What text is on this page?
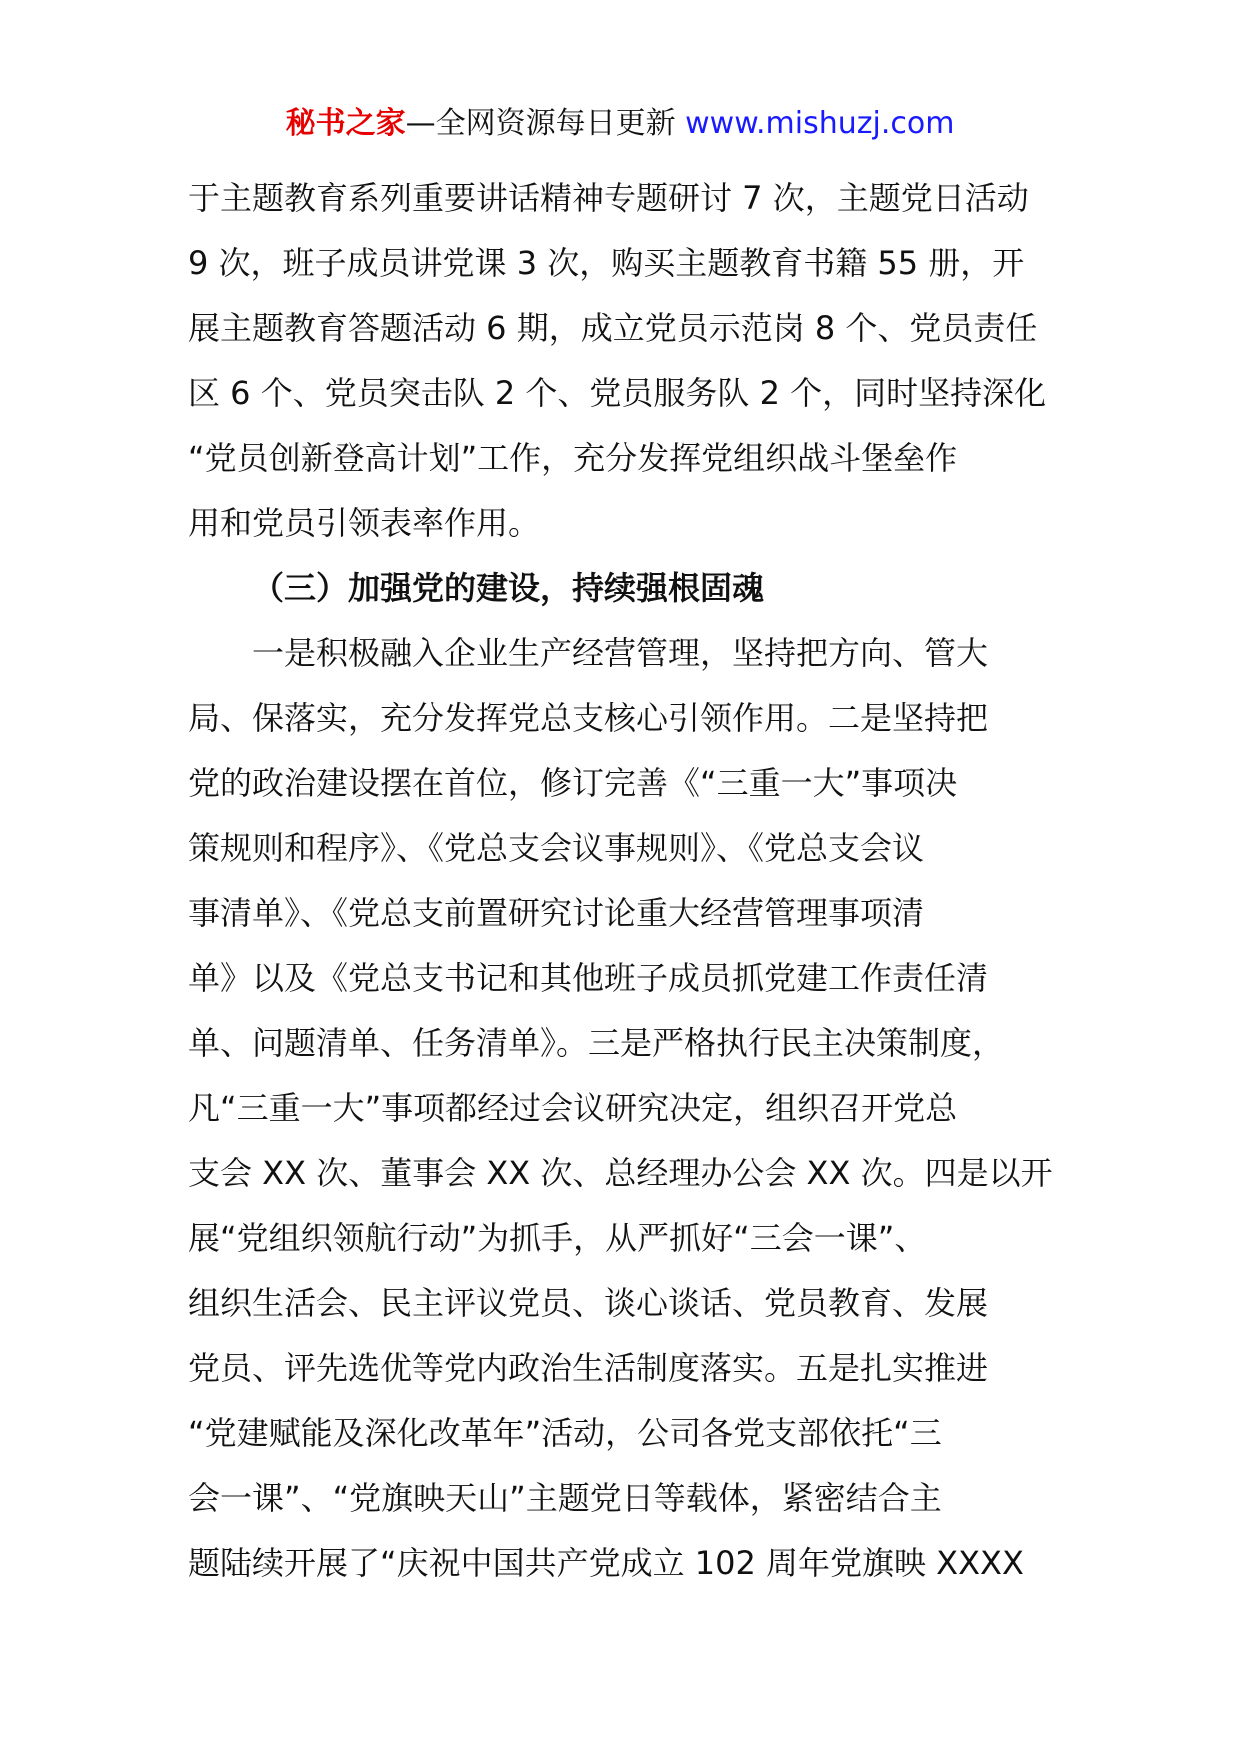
秘书之家—全网资源每日更新 www.mishuzj.com
于主题教育系列重要讲话精神专题研讨 7 次，主题党日活动
9 次，班子成员讲党课 3 次，购买主题教育书籍 55 册，开
展主题教育答题活动 6 期，成立党员示范岗 8 个、党员责任
区 6 个、党员突击队 2 个、党员服务队 2 个，同时坚持深化
“党员创新登高计划”工作，充分发挥党组织战斗堡垒作
用和党员引领表率作用。
（三）加强党的建设，持续强根固魂
一是积极融入企业生产经营管理，坚持把方向、管大
局、保落实，充分发挥党总支核心引领作用。二是坚持把
党的政治建设摆在首位，修订完善《“三重一大”事项决
策规则和程序》、《党总支会议事规则》、《党总支会议
事清单》、《党总支前置研究讨论重大经营管理事项清
单》以及《党总支书记和其他班子成员抓党建工作责任清
单、问题清单、任务清单》。三是严格执行民主决策制度，
凡“三重一大”事项都经过会议研究决定，组织召开党总
支会 XX 次、董事会 XX 次、总经理办公会 XX 次。四是以开
展“党组织领航行动”为抓手，从严抓好“三会一课”、
组织生活会、民主评议党员、谈心谈话、党员教育、发展
党员、评先选优等党内政治生活制度落实。五是扎实推进
“党建赋能及深化改革年”活动，公司各党支部依托“三
会一课”、“党旗映天山”主题党日等载体，紧密结合主
题陆续开展了“庆祝中国共产党成立 102 周年党旗映 XXXX
